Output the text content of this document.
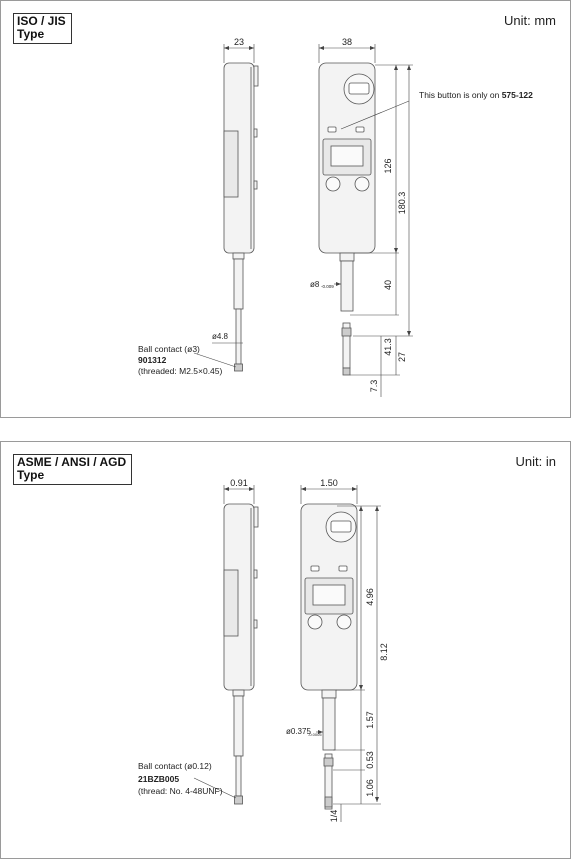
ISO / JIS
Type
Unit: mm
23	38
126
180.3
40
41.3
27
7.3
ø8 -0.009
ø4.8
This button is only on 575-122
Ball contact (ø3)
901312
(threaded: M2.5×0.45)
ASME / ANSI / AGD
Type
Unit: in
0.91	1.50
4.96
8.12
1.57
0.53
1.06
1/4
ø0.375
-0.0005
Ball contact (ø0.12)
21BZB005
(thread: No. 4-48UNF)
